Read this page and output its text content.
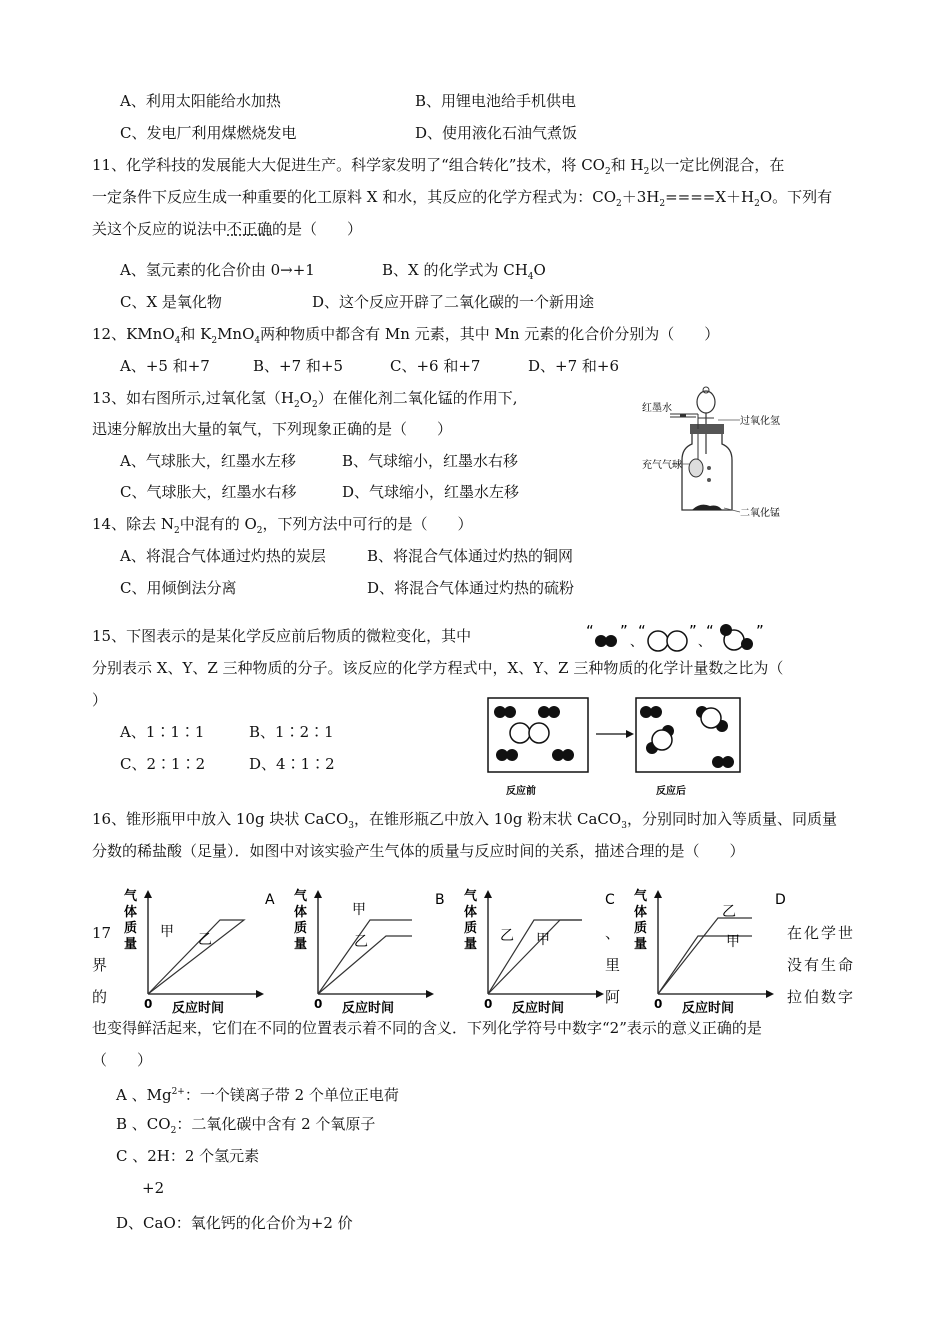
A、利用太阳能给水加热	B、用锂电池给手机供电
C、发电厂利用煤燃烧发电	D、使用液化石油气煮饭
11、化学科技的发展能大大促进生产。科学家发明了“组合转化”技术，将 $CO_2$和 $H_2$以一定比例混合，在
一定条件下反应生成一种重要的化工原料 X 和水，其反应的化学方程式为：$CO_2+3H_2====X+H_2O$。下列有
关这个反应的说法中不正确的是（　　）
A、氢元素的化合价由 0→+1	B、X 的化学式为 $CH_4O$
C、X 是氧化物	D、这个反应开辟了二氧化碳的一个新用途
12、KMnO$_4$和 $K_2MnO_4$两种物质中都含有 Mn 元素，其中 Mn 元素的化合价分别为（　　）
A、+5 和+7	B、+7 和+5	C、+6 和+7	D、+7 和+6
13、如右图所示,过氧化氢$(H_2O_2)$在催化剂二氧化锰的作用下,
迅速分解放出大量的氧气，下列现象正确的是（　　）
A、气球胀大，红墨水左移	B、气球缩小，红墨水右移
C、气球胀大，红墨水右移	D、气球缩小，红墨水左移
红墨水
过氧化氢
充气气球
二氧化锰
14、除去 $N_2$中混有的 $O_2$，下列方法中可行的是（　　）
A、将混合气体通过灼热的炭层	B、将混合气体通过灼热的铜网
C、用倾倒法分离	D、将混合气体通过灼热的硫粉
15、下图表示的是某化学反应前后物质的微粒变化，其中	“ ”
、
“	”
、
“	”
分别表示 X、Y、Z 三种物质的分子。该反应的化学方程式中，X、Y、Z 三种物质的化学计量数之比为（
）
A、1∶1∶1	B、1∶2∶1
C、2∶1∶2	D、4∶1∶2
反应前	反应后
16、锥形瓶甲中放入 10g 块状 CaCO$_3$，在锥形瓶乙中放入 10g 粉末状 CaCO$_3$，分别同时加入等质量、同质量
分数的稀盐酸（足量）．如图中对该实验产生气体的质量与反应时间的关系，描述合理的是（　　）
气
体
质
量
0 反应时间
甲 乙
A 气
体
质
量
0 反应时间
甲
乙
B 气
体
质
量
0 反应时间
乙 甲
C 气
体
质
量
0 反应时间
乙
甲
D
17
界
的
、
里
阿
在化学世
没有生命
拉伯数字
也变得鲜活起来，它们在不同的位置表示着不同的含义．下列化学符号中数字“2”表示的意义正确的是
（　　）
A 、$Mg^{2+}$：一个镁离子带 2 个单位正电荷
B 、$CO_2$：二氧化碳中含有 2 个氧原子
C 、2H：2 个氢元素
+2
D、CaO：氧化钙的化合价为+2 价
